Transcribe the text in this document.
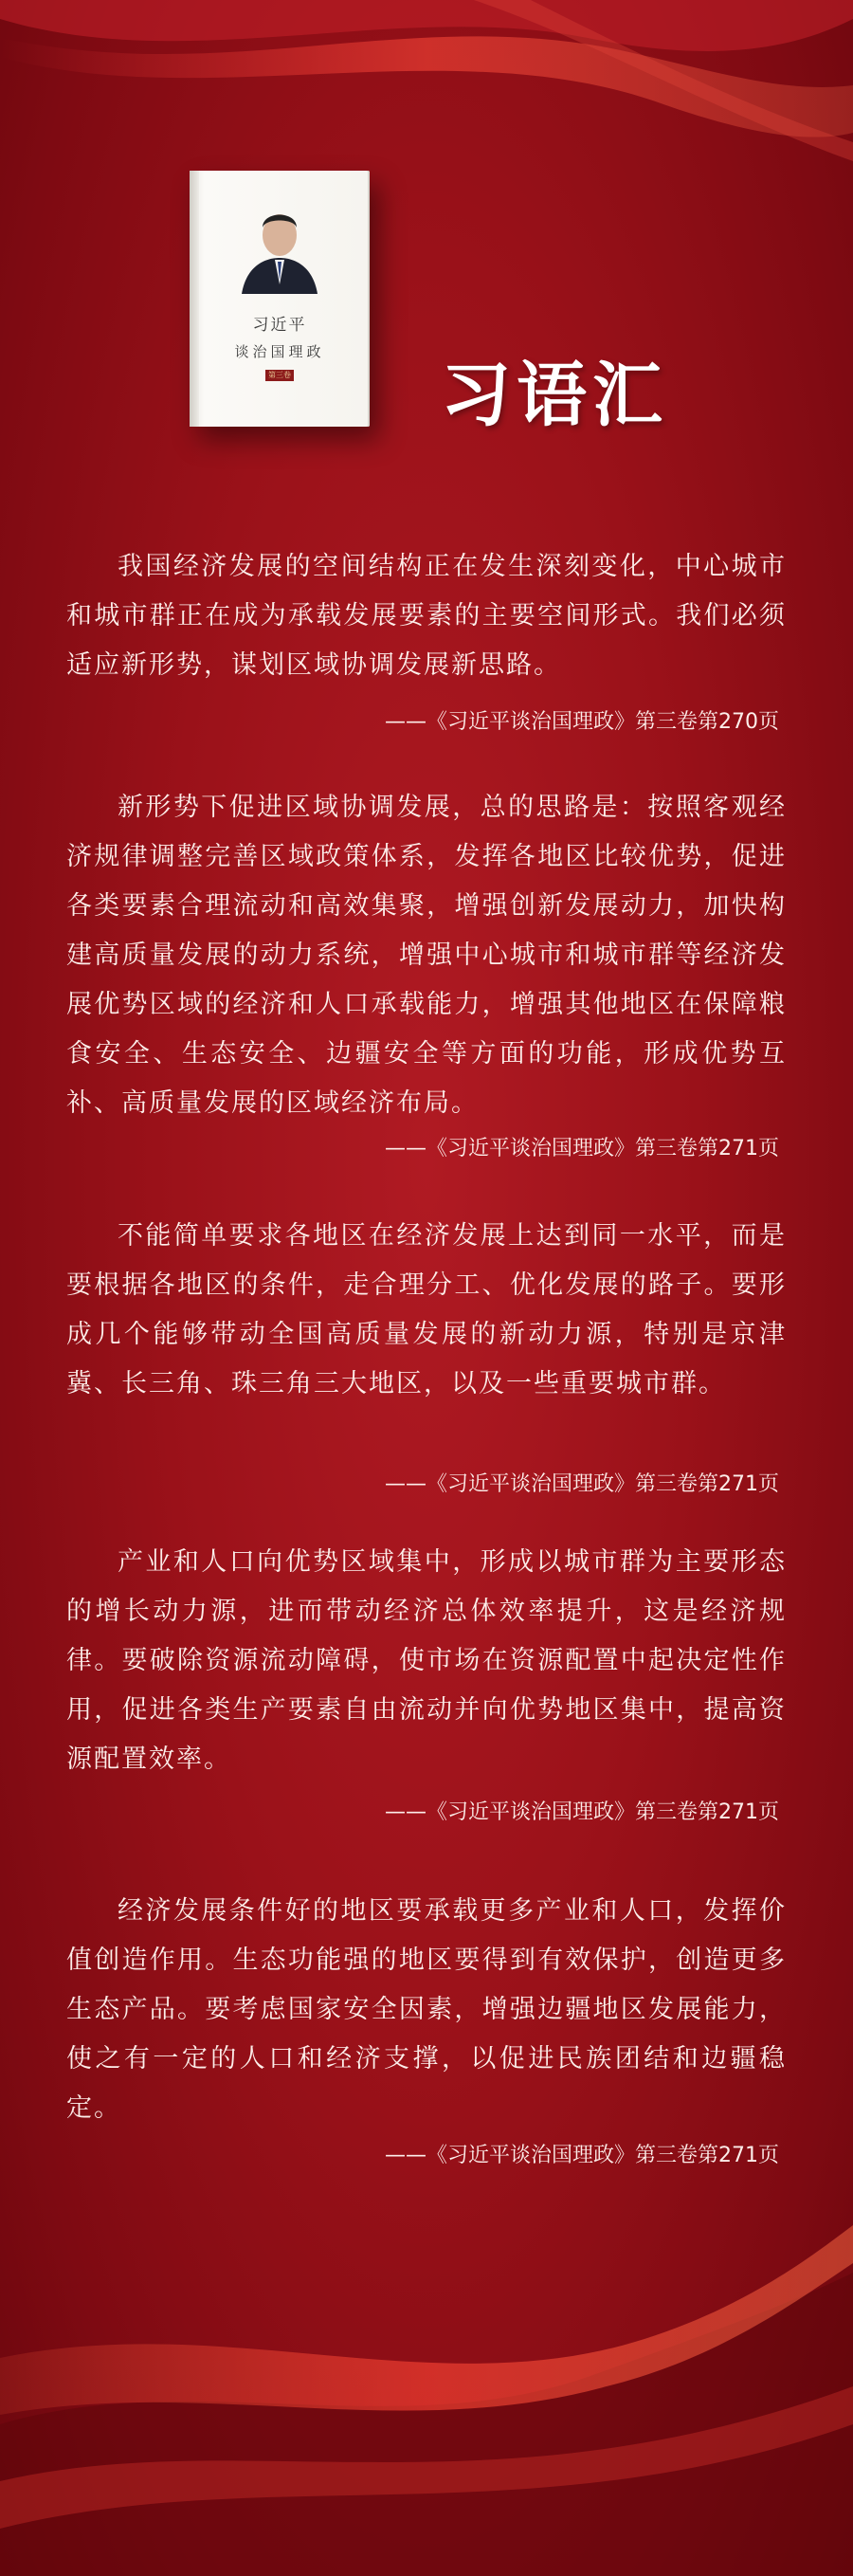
习近平
谈治国理政
第三卷 习语汇
我国经济发展的空间结构正在发生深刻变化，中心城市和城市群正在成为承载发展要素的主要空间形式。我们必须适应新形势，谋划区域协调发展新思路。
——《习近平谈治国理政》第三卷第270页
新形势下促进区域协调发展，总的思路是：按照客观经济规律调整完善区域政策体系，发挥各地区比较优势，促进各类要素合理流动和高效集聚，增强创新发展动力，加快构建高质量发展的动力系统，增强中心城市和城市群等经济发展优势区域的经济和人口承载能力，增强其他地区在保障粮食安全、生态安全、边疆安全等方面的功能，形成优势互补、高质量发展的区域经济布局。
——《习近平谈治国理政》第三卷第271页
不能简单要求各地区在经济发展上达到同一水平，而是要根据各地区的条件，走合理分工、优化发展的路子。要形成几个能够带动全国高质量发展的新动力源，特别是京津冀、长三角、珠三角三大地区，以及一些重要城市群。
——《习近平谈治国理政》第三卷第271页
产业和人口向优势区域集中，形成以城市群为主要形态的增长动力源，进而带动经济总体效率提升，这是经济规律。要破除资源流动障碍，使市场在资源配置中起决定性作用，促进各类生产要素自由流动并向优势地区集中，提高资源配置效率。
——《习近平谈治国理政》第三卷第271页
经济发展条件好的地区要承载更多产业和人口，发挥价值创造作用。生态功能强的地区要得到有效保护，创造更多生态产品。要考虑国家安全因素，增强边疆地区发展能力，使之有一定的人口和经济支撑，以促进民族团结和边疆稳定。
——《习近平谈治国理政》第三卷第271页
